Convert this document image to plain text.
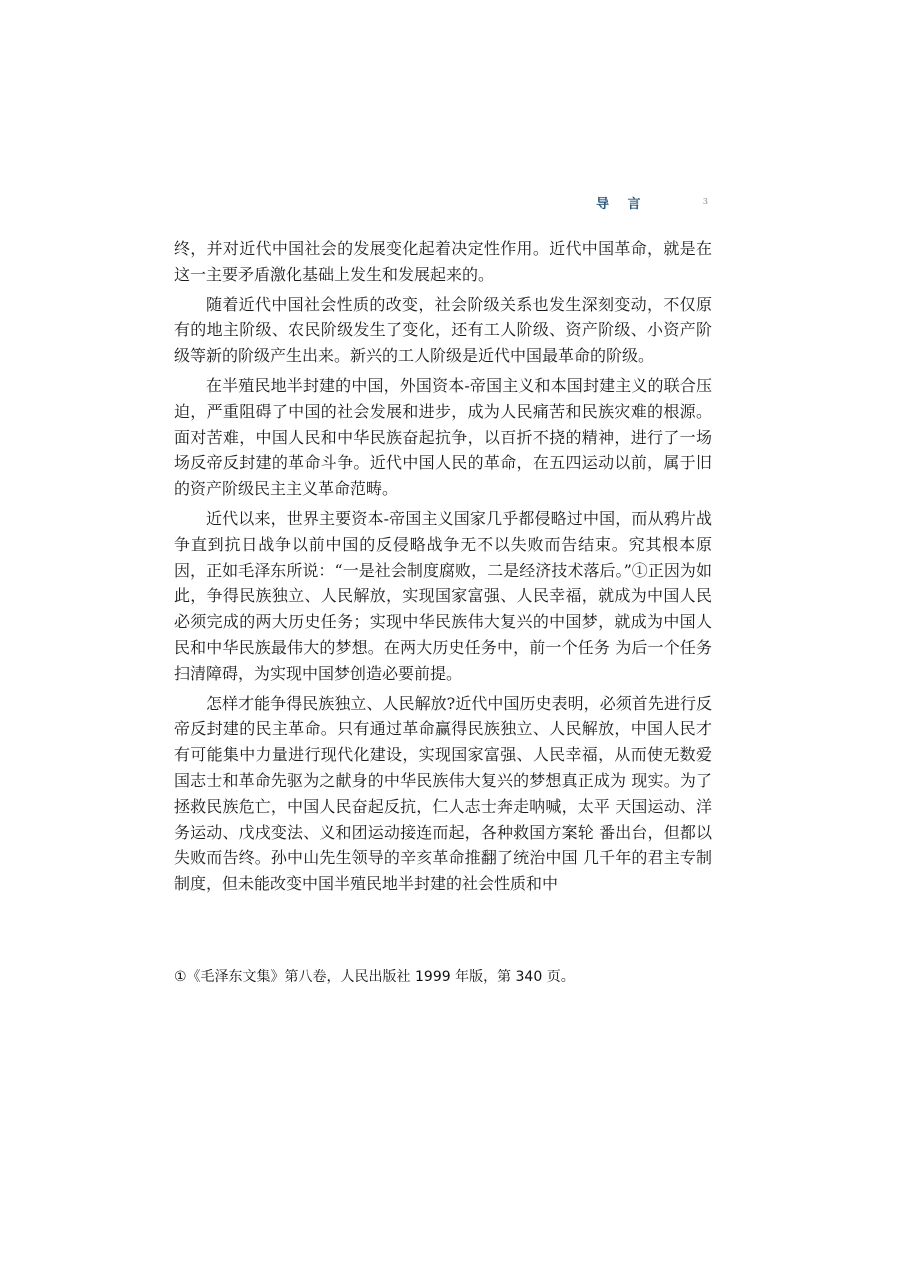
导 言	3

终，并对近代中国社会的发展变化起着决定性作用。近代中国革命，就是在这一主要矛盾激化基础上发生和发展起来的。

随着近代中国社会性质的改变，社会阶级关系也发生深刻变动，不仅原有的地主阶级、农民阶级发生了变化，还有工人阶级、资产阶级、小资产阶级等新的阶级产生出来。新兴的工人阶级是近代中国最革命的阶级。

在半殖民地半封建的中国，外国资本-帝国主义和本国封建主义的联合压迫，严重阻碍了中国的社会发展和进步，成为人民痛苦和民族灾难的根源。面对苦难，中国人民和中华民族奋起抗争，以百折不挠的精神，进行了一场场反帝反封建的革命斗争。近代中国人民的革命，在五四运动以前，属于旧的资产阶级民主主义革命范畴。

近代以来，世界主要资本-帝国主义国家几乎都侵略过中国，而从鸦片战争直到抗日战争以前中国的反侵略战争无不以失败而告结束。究其根本原因，正如毛泽东所说：“一是社会制度腐败，二是经济技术落后。”①正因为如此，争得民族独立、人民解放，实现国家富强、人民幸福，就成为中国人民必须完成的两大历史任务；实现中华民族伟大复兴的中国梦，就成为中国人民和中华民族最伟大的梦想。在两大历史任务中，前一个任务 为后一个任务扫清障碍，为实现中国梦创造必要前提。

怎样才能争得民族独立、人民解放?近代中国历史表明，必须首先进行反帝反封建的民主革命。只有通过革命赢得民族独立、人民解放，中国人民才有可能集中力量进行现代化建设，实现国家富强、人民幸福，从而使无数爱国志士和革命先驱为之献身的中华民族伟大复兴的梦想真正成为 现实。为了拯救民族危亡，中国人民奋起反抗，仁人志士奔走呐喊，太平 天国运动、洋务运动、戊戌变法、义和团运动接连而起，各种救国方案轮 番出台，但都以失败而告终。孙中山先生领导的辛亥革命推翻了统治中国 几千年的君主专制制度，但未能改变中国半殖民地半封建的社会性质和中

①《毛泽东文集》第八卷，人民出版社 1999 年版，第 340 页。
